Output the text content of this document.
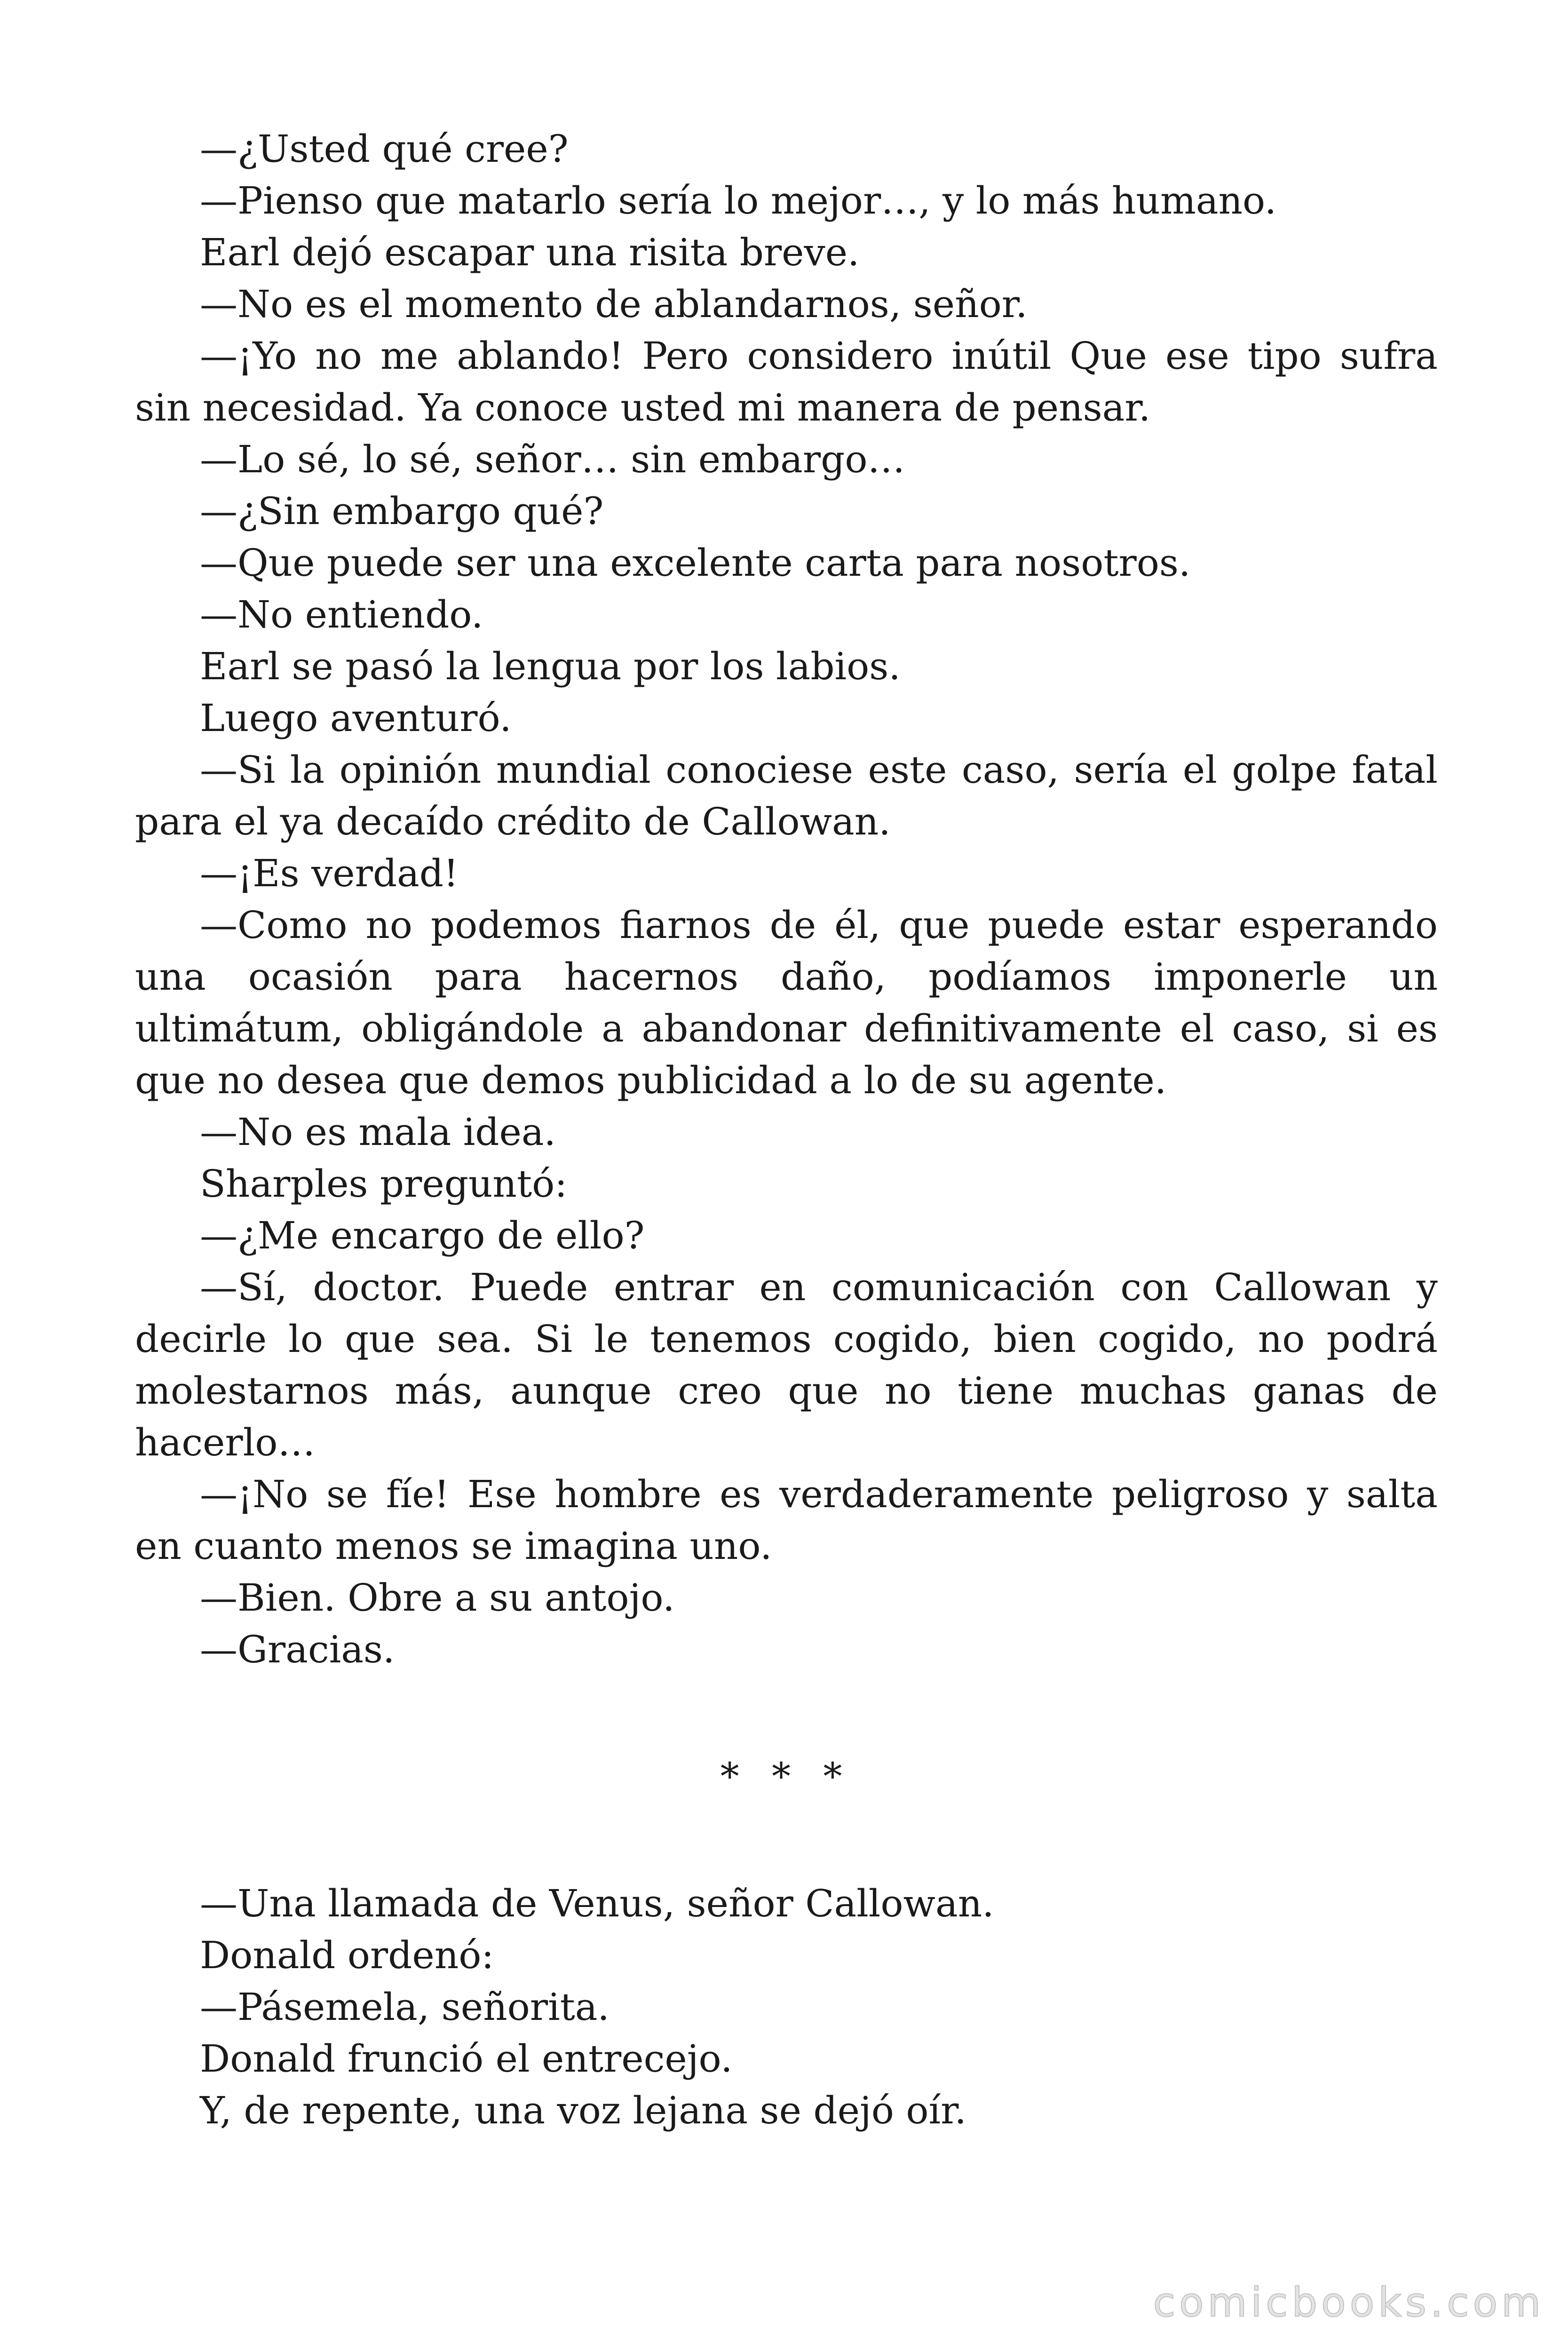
—¿Usted qué cree?

—Pienso que matarlo sería lo mejor…, y lo más humano.

Earl dejó escapar una risita breve.

—No es el momento de ablandarnos, señor.

—¡Yo no me ablando! Pero considero inútil Que ese tipo sufra sin necesidad. Ya conoce usted mi manera de pensar.

—Lo sé, lo sé, señor… sin embargo…

—¿Sin embargo qué?

—Que puede ser una excelente carta para nosotros.

—No entiendo.

Earl se pasó la lengua por los labios.

Luego aventuró.

—Si la opinión mundial conociese este caso, sería el golpe fatal para el ya decaído crédito de Callowan.

—¡Es verdad!

—Como no podemos fiarnos de él, que puede estar esperando una ocasión para hacernos daño, podíamos imponerle un ultimátum, obligándole a abandonar definitivamente el caso, si es que no desea que demos publicidad a lo de su agente.

—No es mala idea.

Sharples preguntó:

—¿Me encargo de ello?

—Sí, doctor. Puede entrar en comunicación con Callowan y decirle lo que sea. Si le tenemos cogido, bien cogido, no podrá molestarnos más, aunque creo que no tiene muchas ganas de hacerlo…

—¡No se fíe! Ese hombre es verdaderamente peligroso y salta en cuanto menos se imagina uno.

—Bien. Obre a su antojo.

—Gracias.

* * *

—Una llamada de Venus, señor Callowan.

Donald ordenó:

—Pásemela, señorita.

Donald frunció el entrecejo.

Y, de repente, una voz lejana se dejó oír.

comicbooks.com
